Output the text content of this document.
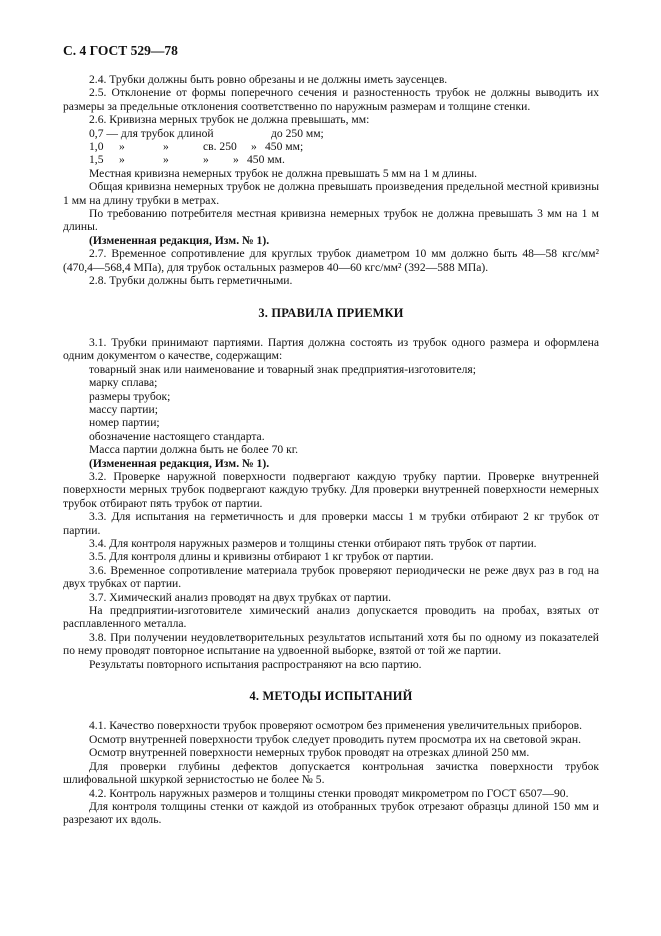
С. 4 ГОСТ 529—78

2.4. Трубки должны быть ровно обрезаны и не должны иметь заусенцев.

2.5. Отклонение от формы поперечного сечения и разностенность трубок не должны выводить их размеры за предельные отклонения соответственно по наружным размерам и толщине стенки.

2.6. Кривизна мерных трубок не должна превышать, мм:

0,7 — для трубок длиной	до 250 мм;
1,0	»	»	св. 250	» 450 мм;
1,5	»	»	»	» 450 мм.

Местная кривизна немерных трубок не должна превышать 5 мм на 1 м длины.

Общая кривизна немерных трубок не должна превышать произведения предельной местной кривизны 1 мм на длину трубки в метрах.

По требованию потребителя местная кривизна немерных трубок не должна превышать 3 мм на 1 м длины.

(Измененная редакция, Изм. № 1).

2.7. Временное сопротивление для круглых трубок диаметром 10 мм должно быть 48—58 кгс/мм² (470,4—568,4 МПа), для трубок остальных размеров 40—60 кгс/мм² (392—588 МПа).

2.8. Трубки должны быть герметичными.

3. ПРАВИЛА ПРИЕМКИ

3.1. Трубки принимают партиями. Партия должна состоять из трубок одного размера и оформлена одним документом о качестве, содержащим:

товарный знак или наименование и товарный знак предприятия-изготовителя;

марку сплава;

размеры трубок;

массу партии;

номер партии;

обозначение настоящего стандарта.

Масса партии должна быть не более 70 кг.

(Измененная редакция, Изм. № 1).

3.2. Проверке наружной поверхности подвергают каждую трубку партии. Проверке внутренней поверхности мерных трубок подвергают каждую трубку. Для проверки внутренней поверхности немерных трубок отбирают пять трубок от партии.

3.3. Для испытания на герметичность и для проверки массы 1 м трубки отбирают 2 кг трубок от партии.

3.4. Для контроля наружных размеров и толщины стенки отбирают пять трубок от партии.

3.5. Для контроля длины и кривизны отбирают 1 кг трубок от партии.

3.6. Временное сопротивление материала трубок проверяют периодически не реже двух раз в год на двух трубках от партии.

3.7. Химический анализ проводят на двух трубках от партии.

На предприятии-изготовителе химический анализ допускается проводить на пробах, взятых от расплавленного металла.

3.8. При получении неудовлетворительных результатов испытаний хотя бы по одному из показателей по нему проводят повторное испытание на удвоенной выборке, взятой от той же партии.

Результаты повторного испытания распространяют на всю партию.

4. МЕТОДЫ ИСПЫТАНИЙ

4.1. Качество поверхности трубок проверяют осмотром без применения увеличительных приборов.

Осмотр внутренней поверхности трубок следует проводить путем просмотра их на световой экран.

Осмотр внутренней поверхности немерных трубок проводят на отрезках длиной 250 мм.

Для проверки глубины дефектов допускается контрольная зачистка поверхности трубок шлифовальной шкуркой зернистостью не более № 5.

4.2. Контроль наружных размеров и толщины стенки проводят микрометром по ГОСТ 6507—90.

Для контроля толщины стенки от каждой из отобранных трубок отрезают образцы длиной 150 мм и разрезают их вдоль.
